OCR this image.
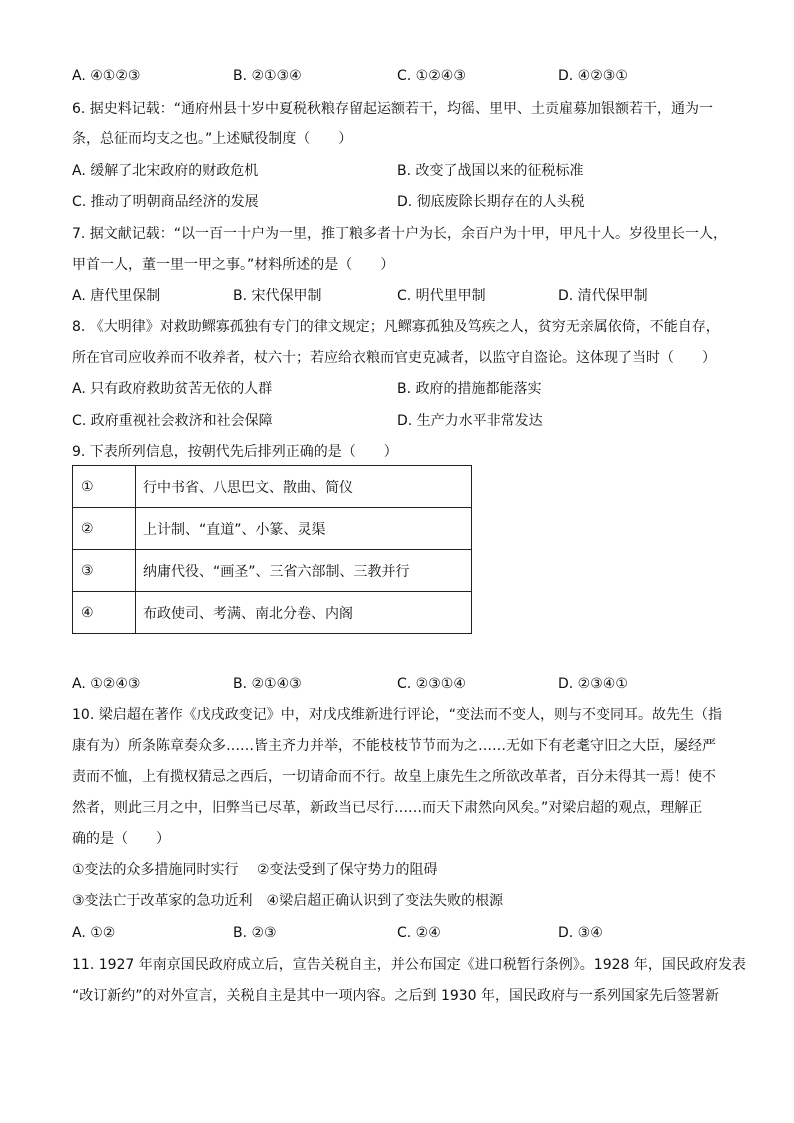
A. ④①②③	B. ②①③④	C. ①②④③	D. ④②③①
6. 据史料记载：“通府州县十岁中夏税秋粮存留起运额若干，均徭、里甲、土贡雇募加银额若干，通为一
条，总征而均支之也。”上述赋役制度（　　）
A. 缓解了北宋政府的财政危机	B. 改变了战国以来的征税标准
C. 推动了明朝商品经济的发展	D. 彻底废除长期存在的人头税
7. 据文献记载：“以一百一十户为一里，推丁粮多者十户为长，余百户为十甲，甲凡十人。岁役里长一人，
甲首一人，董一里一甲之事。”材料所述的是（　　）
A. 唐代里保制	B. 宋代保甲制	C. 明代里甲制	D. 清代保甲制
8. 《大明律》对救助鳏寡孤独有专门的律文规定；凡鳏寡孤独及笃疾之人，贫穷无亲属依倚，不能自存，
所在官司应收养而不收养者，杖六十；若应给衣粮而官吏克减者，以监守自盗论。这体现了当时（　　）
A. 只有政府救助贫苦无依的人群	B. 政府的措施都能落实
C. 政府重视社会救济和社会保障	D. 生产力水平非常发达
9. 下表所列信息，按朝代先后排列正确的是（　　）
①	行中书省、八思巴文、散曲、简仪
②	上计制、“直道”、小篆、灵渠
③	纳庸代役、“画圣”、三省六部制、三教并行
④	布政使司、考满、南北分卷、内阁
A. ①②④③	B. ②①④③	C. ②③①④	D. ②③④①
10. 梁启超在著作《戊戌政变记》中，对戊戌维新进行评论，“变法而不变人，则与不变同耳。故先生（指
康有为）所条陈章奏众多……皆主齐力并举，不能枝枝节节而为之……无如下有老耄守旧之大臣，屡经严
责而不恤，上有揽权猜忌之西后，一切请命而不行。故皇上康先生之所欲改革者，百分未得其一焉！使不
然者，则此三月之中，旧弊当已尽革，新政当已尽行……而天下肃然向风矣。”对梁启超的观点，理解正
确的是（　　）
①变法的众多措施同时实行　 ②变法受到了保守势力的阻碍
③变法亡于改革家的急功近利　④梁启超正确认识到了变法失败的根源
A. ①②	B. ②③	C. ②④	D. ③④
11. 1927 年南京国民政府成立后，宣告关税自主，并公布国定《进口税暂行条例》。1928 年，国民政府发表
“改订新约”的对外宣言，关税自主是其中一项内容。之后到 1930 年，国民政府与一系列国家先后签署新
